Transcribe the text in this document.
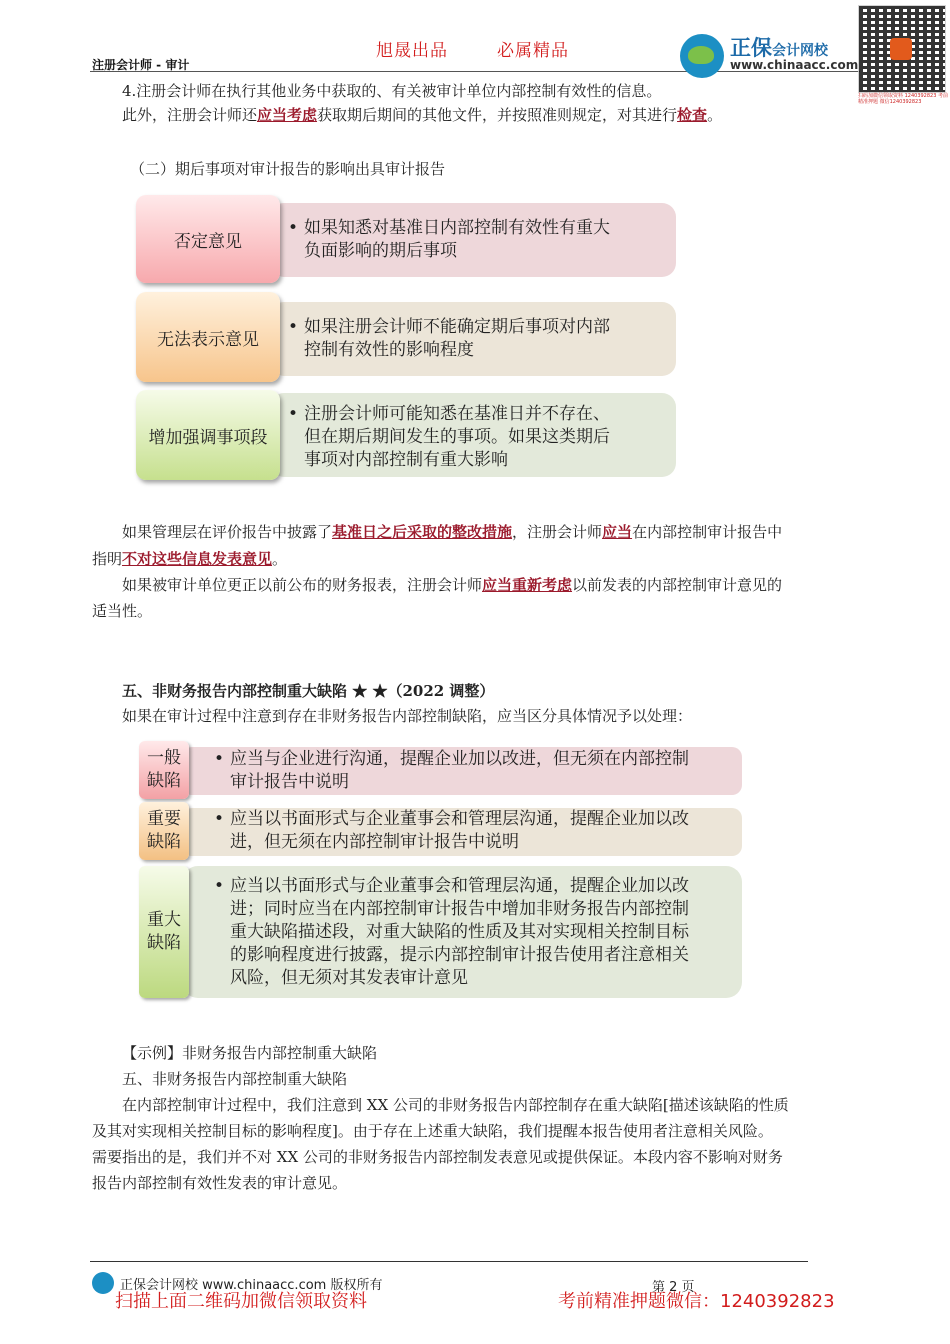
旭晟出品	必属精品
注册会计师 - 审计
正保会计网校
www.chinaacc.com
扫码加微信领取资料 1240392823 考前精准押题 微信1240392823
4.注册会计师在执行其他业务中获取的、有关被审计单位内部控制有效性的信息。
此外，注册会计师还应当考虑获取期后期间的其他文件，并按照准则规定，对其进行检查。
（二）期后事项对审计报告的影响出具审计报告
• 如果知悉对基准日内部控制有效性有重大
负面影响的期后事项
否定意见
• 如果注册会计师不能确定期后事项对内部
控制有效性的影响程度
无法表示意见
• 注册会计师可能知悉在基准日并不存在、
但在期后期间发生的事项。如果这类期后
事项对内部控制有重大影响
增加强调事项段
如果管理层在评价报告中披露了基准日之后采取的整改措施，注册会计师应当在内部控制审计报告中
指明不对这些信息发表意见。
如果被审计单位更正以前公布的财务报表，注册会计师应当重新考虑以前发表的内部控制审计意见的
适当性。
五、非财务报告内部控制重大缺陷 ★ ★（2022 调整）
如果在审计过程中注意到存在非财务报告内部控制缺陷，应当区分具体情况予以处理：
• 应当与企业进行沟通，提醒企业加以改进，但无须在内部控制
审计报告中说明
一般
缺陷
• 应当以书面形式与企业董事会和管理层沟通，提醒企业加以改
进，但无须在内部控制审计报告中说明
重要
缺陷
• 应当以书面形式与企业董事会和管理层沟通，提醒企业加以改
进；同时应当在内部控制审计报告中增加非财务报告内部控制
重大缺陷描述段，对重大缺陷的性质及其对实现相关控制目标
的影响程度进行披露，提示内部控制审计报告使用者注意相关
风险，但无须对其发表审计意见
重大
缺陷
【示例】非财务报告内部控制重大缺陷
五、非财务报告内部控制重大缺陷
在内部控制审计过程中，我们注意到 XX 公司的非财务报告内部控制存在重大缺陷[描述该缺陷的性质
及其对实现相关控制目标的影响程度]。由于存在上述重大缺陷，我们提醒本报告使用者注意相关风险。
需要指出的是，我们并不对 XX 公司的非财务报告内部控制发表意见或提供保证。本段内容不影响对财务
报告内部控制有效性发表的审计意见。
正保会计网校 www.chinaacc.com 版权所有	第 2 页
扫描上面二维码加微信领取资料	考前精准押题微信：1240392823
